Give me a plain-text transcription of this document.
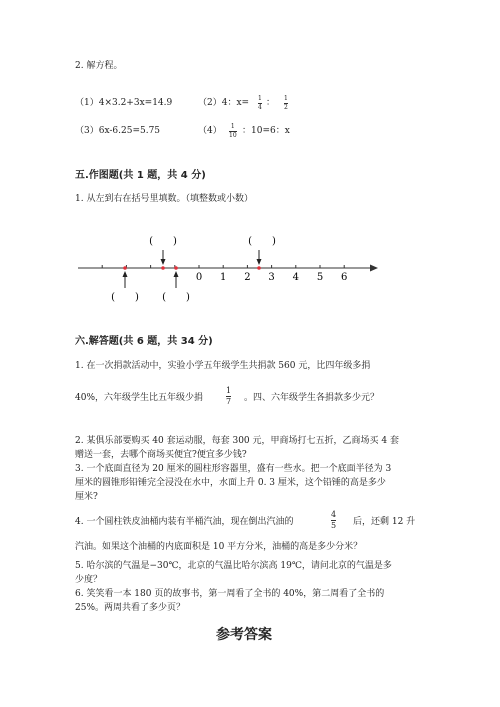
2. 解方程。
（1）4×3.2+3x=14.9	（2）4：x= 1
4 ： 1
2
（3）6x-6.25=5.75	（4） 1
10 ：10=6：x
五.作图题(共 1 题，共 4 分)
1. 从左到右在括号里填数。（填整数或小数）
0 1 2 3 4 5 6
(　　)	(　　)
(　　) (　　)
六.解答题(共 6 题，共 34 分)
1. 在一次捐款活动中，实验小学五年级学生共捐款 560 元，比四年级多捐
40%，六年级学生比五年级少捐
1
7 。四、六年级学生各捐款多少元？
2. 某俱乐部要购买 40 套运动服，每套 300 元，甲商场打七五折，乙商场买 4 套
赠送一套，去哪个商场买便宜?便宜多少钱?
3. 一个底面直径为 20 厘米的圆柱形容器里，盛有一些水。把一个底面半径为 3
厘米的圆锥形铅锤完全浸没在水中，水面上升 0. 3 厘米，这个铅锤的高是多少
厘米?
4. 一个圆柱铁皮油桶内装有半桶汽油，现在倒出汽油的
4
5 后，还剩 12 升
汽油。如果这个油桶的内底面积是 10 平方分米，油桶的高是多少分米？
5. 哈尔滨的气温是−30℃，北京的气温比哈尔滨高 19℃，请问北京的气温是多
少度？
6. 笑笑看一本 180 页的故事书，第一周看了全书的 40%，第二周看了全书的
25%。两周共看了多少页？
参考答案
